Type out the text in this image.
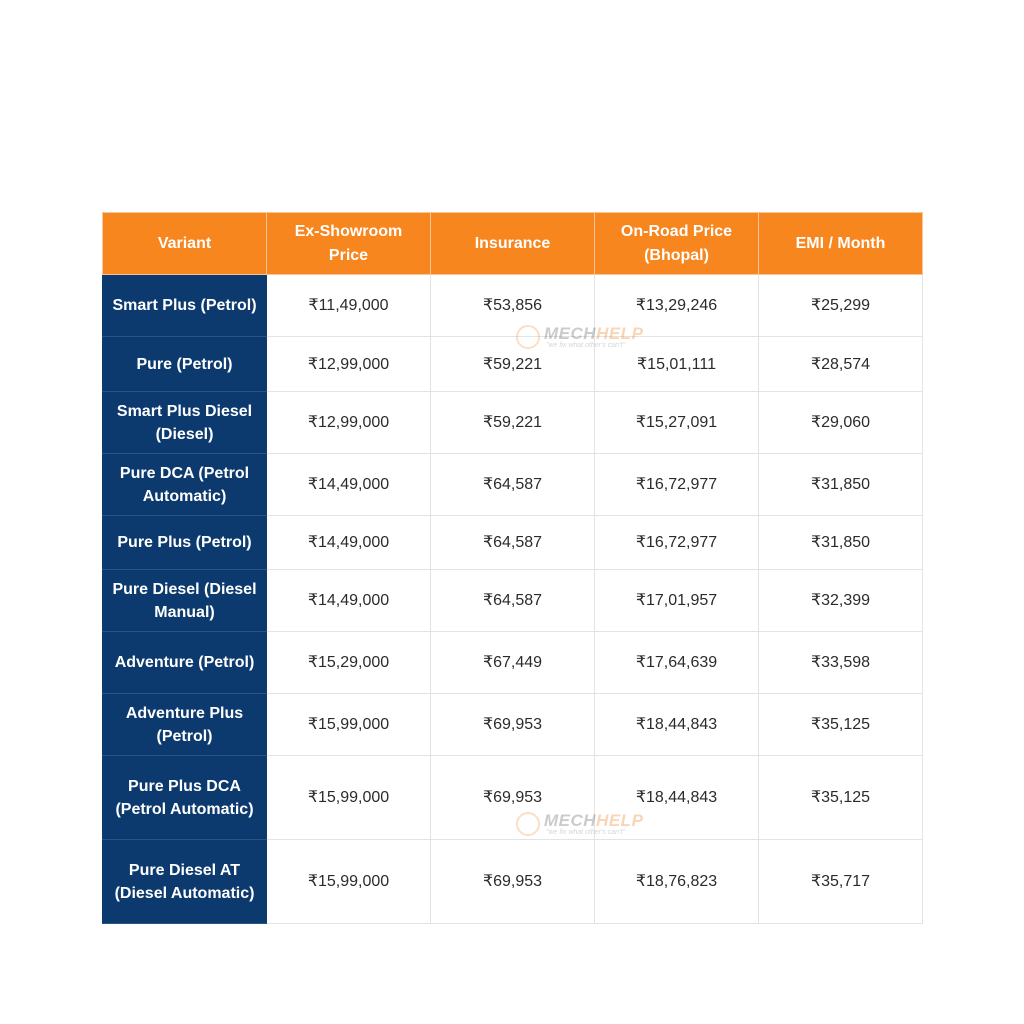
Variant	Ex-Showroom Price	Insurance	On-Road Price (Bhopal)	EMI / Month
Smart Plus (Petrol)	₹11,49,000	₹53,856	₹13,29,246	₹25,299
Pure (Petrol)	₹12,99,000	₹59,221	₹15,01,111	₹28,574
Smart Plus Diesel (Diesel)	₹12,99,000	₹59,221	₹15,27,091	₹29,060
Pure DCA (Petrol Automatic)	₹14,49,000	₹64,587	₹16,72,977	₹31,850
Pure Plus (Petrol)	₹14,49,000	₹64,587	₹16,72,977	₹31,850
Pure Diesel (Diesel Manual)	₹14,49,000	₹64,587	₹17,01,957	₹32,399
Adventure (Petrol)	₹15,29,000	₹67,449	₹17,64,639	₹33,598
Adventure Plus (Petrol)	₹15,99,000	₹69,953	₹18,44,843	₹35,125
Pure Plus DCA (Petrol Automatic)	₹15,99,000	₹69,953	₹18,44,843	₹35,125
Pure Diesel AT (Diesel Automatic)	₹15,99,000	₹69,953	₹18,76,823	₹35,717
MECHHELP
"we fix what other's can't"
MECHHELP
"we fix what other's can't"
